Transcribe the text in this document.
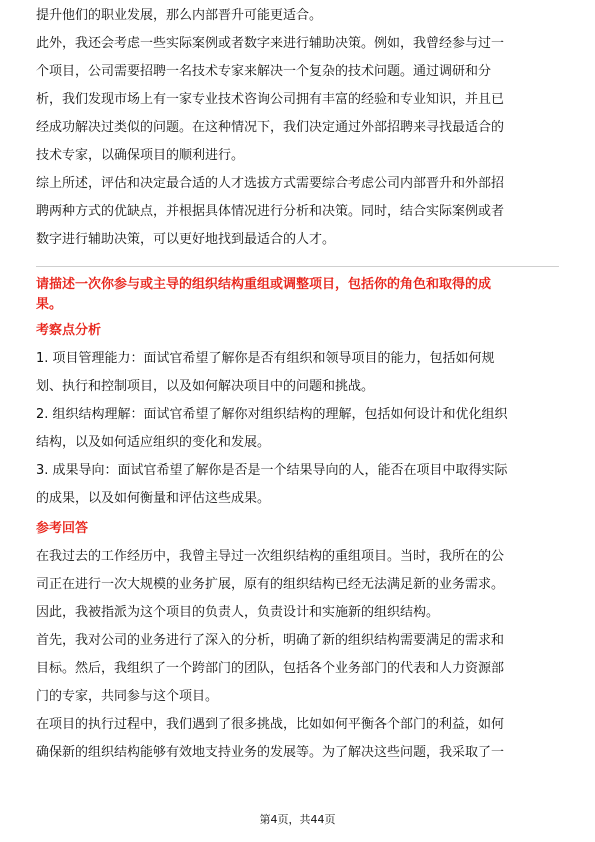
提升他们的职业发展，那么内部晋升可能更适合。

此外，我还会考虑一些实际案例或者数字来进行辅助决策。例如，我曾经参与过一

个项目，公司需要招聘一名技术专家来解决一个复杂的技术问题。通过调研和分

析，我们发现市场上有一家专业技术咨询公司拥有丰富的经验和专业知识，并且已

经成功解决过类似的问题。在这种情况下，我们决定通过外部招聘来寻找最适合的

技术专家，以确保项目的顺利进行。

综上所述，评估和决定最合适的人才选拔方式需要综合考虑公司内部晋升和外部招

聘两种方式的优缺点，并根据具体情况进行分析和决策。同时，结合实际案例或者

数字进行辅助决策，可以更好地找到最适合的人才。

请描述一次你参与或主导的组织结构重组或调整项目，包括你的角色和取得的成

果。

考察点分析

1. 项目管理能力：面试官希望了解你是否有组织和领导项目的能力，包括如何规

划、执行和控制项目，以及如何解决项目中的问题和挑战。

2. 组织结构理解：面试官希望了解你对组织结构的理解，包括如何设计和优化组织

结构，以及如何适应组织的变化和发展。

3. 成果导向：面试官希望了解你是否是一个结果导向的人，能否在项目中取得实际

的成果，以及如何衡量和评估这些成果。

参考回答

在我过去的工作经历中，我曾主导过一次组织结构的重组项目。当时，我所在的公

司正在进行一次大规模的业务扩展，原有的组织结构已经无法满足新的业务需求。

因此，我被指派为这个项目的负责人，负责设计和实施新的组织结构。

首先，我对公司的业务进行了深入的分析，明确了新的组织结构需要满足的需求和

目标。然后，我组织了一个跨部门的团队，包括各个业务部门的代表和人力资源部

门的专家，共同参与这个项目。

在项目的执行过程中，我们遇到了很多挑战，比如如何平衡各个部门的利益，如何

确保新的组织结构能够有效地支持业务的发展等。为了解决这些问题，我采取了一

第4页，共44页
